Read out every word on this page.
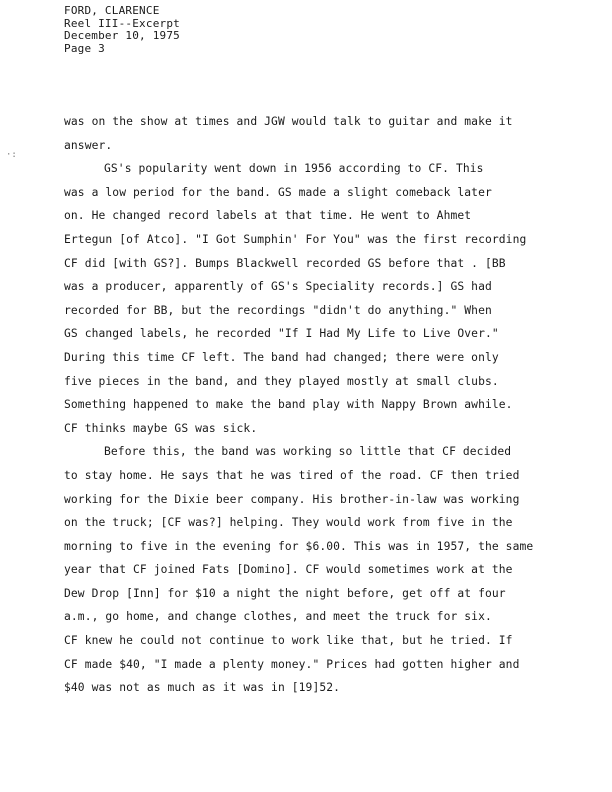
FORD, CLARENCE
Reel III--Excerpt
December 10, 1975
Page 3
·:
was on the show at times and JGW would talk to guitar and make it
answer.
GS's popularity went down in 1956 according to CF. This
was a low period for the band. GS made a slight comeback later
on. He changed record labels at that time. He went to Ahmet
Ertegun [of Atco]. "I Got Sumphin' For You" was the first recording
CF did [with GS?]. Bumps Blackwell recorded GS before that . [BB
was a producer, apparently of GS's Speciality records.] GS had
recorded for BB, but the recordings "didn't do anything." When
GS changed labels, he recorded "If I Had My Life to Live Over."
During this time CF left. The band had changed; there were only
five pieces in the band, and they played mostly at small clubs.
Something happened to make the band play with Nappy Brown awhile.
CF thinks maybe GS was sick.
Before this, the band was working so little that CF decided
to stay home. He says that he was tired of the road. CF then tried
working for the Dixie beer company. His brother-in-law was working
on the truck; [CF was?] helping. They would work from five in the
morning to five in the evening for $6.00. This was in 1957, the same
year that CF joined Fats [Domino]. CF would sometimes work at the
Dew Drop [Inn] for $10 a night the night before, get off at four
a.m., go home, and change clothes, and meet the truck for six.
CF knew he could not continue to work like that, but he tried. If
CF made $40, "I made a plenty money." Prices had gotten higher and
$40 was not as much as it was in [19]52.
